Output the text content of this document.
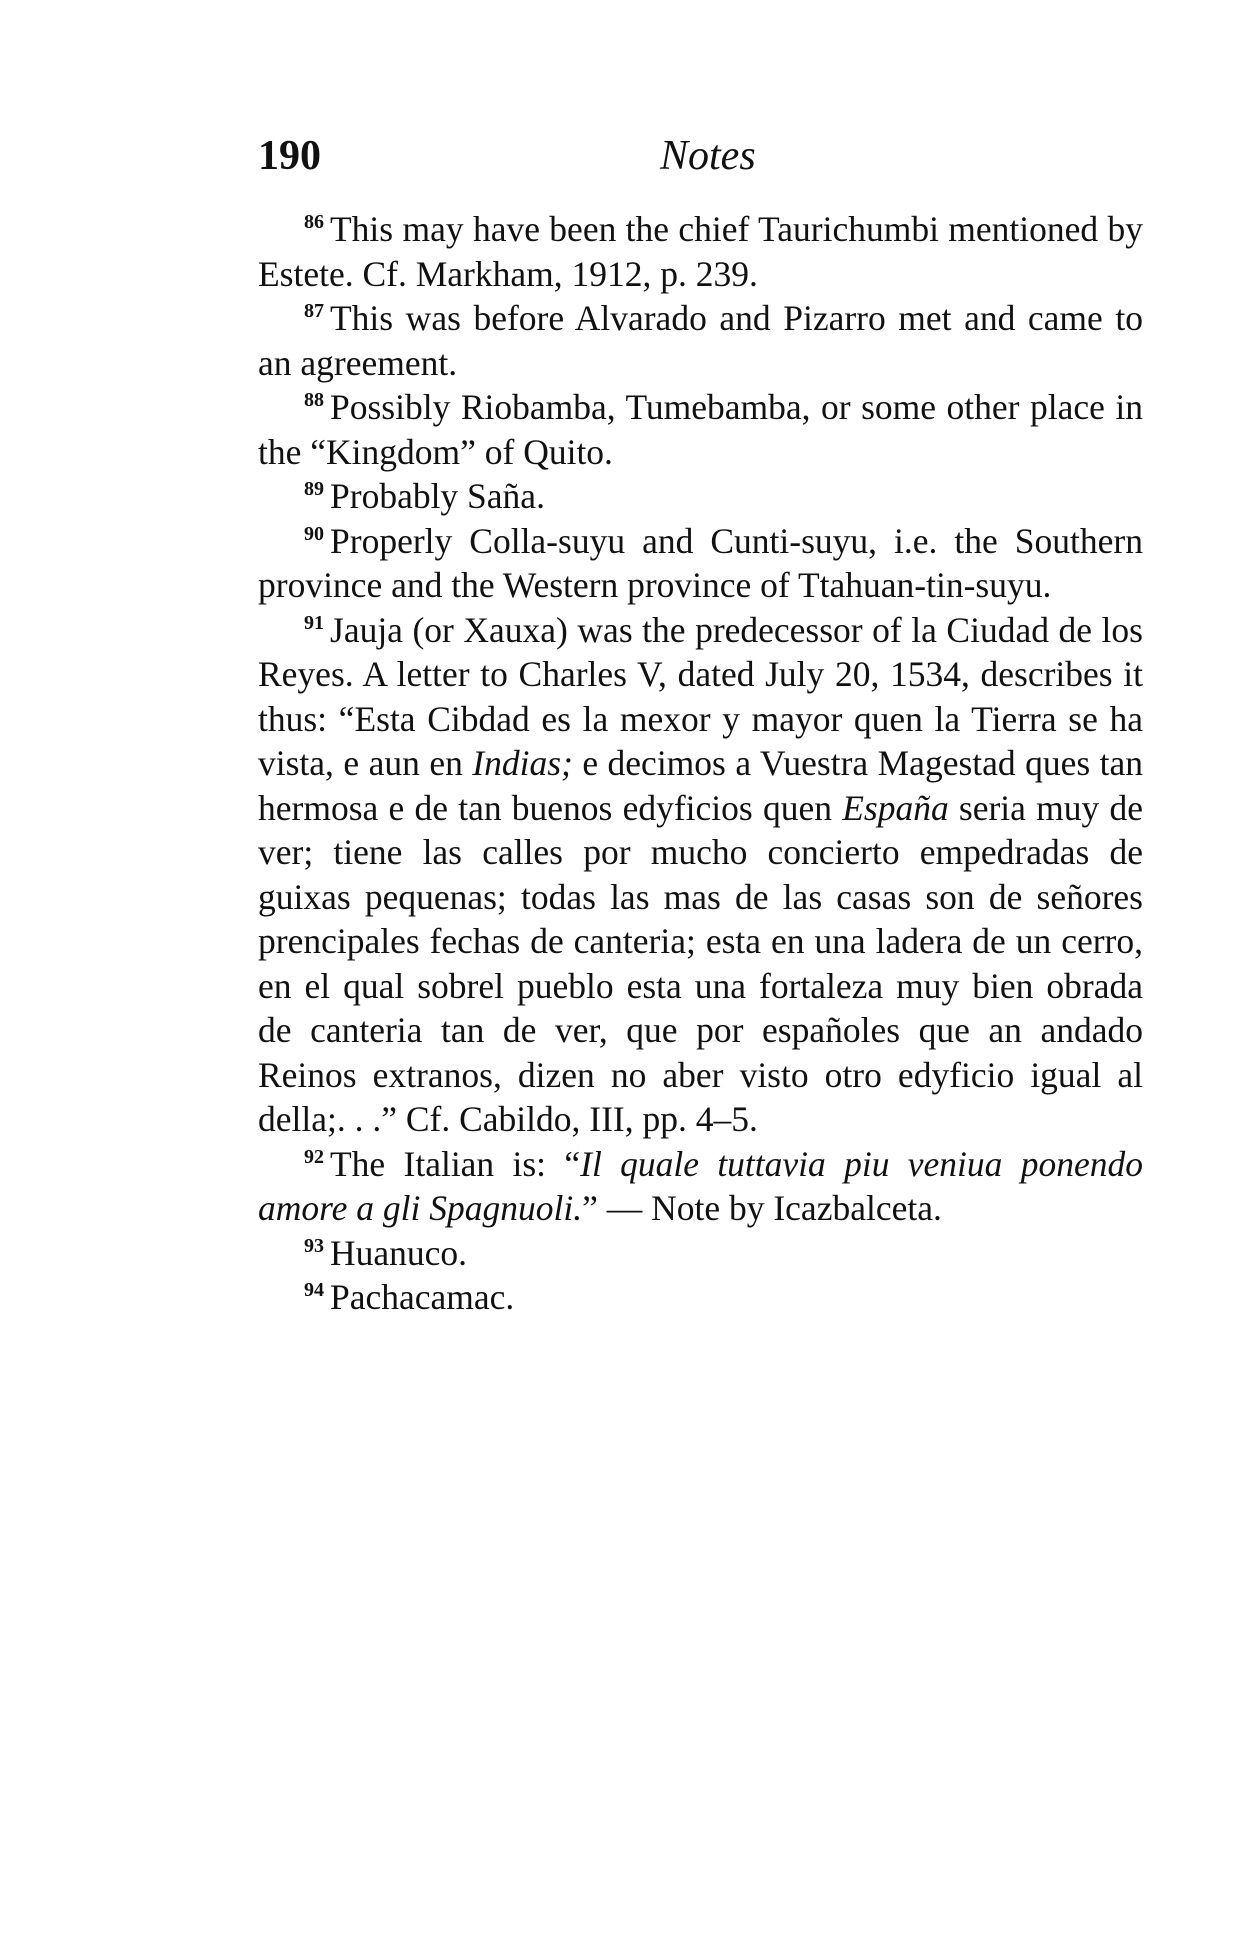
190	Notes

$^{86}$ This may have been the chief Taurichumbi mentioned by Estete. Cf. Markham, 1912, p. 239.

$^{87}$ This was before Alvarado and Pizarro met and came to an agreement.

$^{88}$ Possibly Riobamba, Tumebamba, or some other place in the “Kingdom” of Quito.

$^{89}$ Probably Saña.

$^{90}$ Properly Colla-suyu and Cunti-suyu, i.e. the Southern province and the Western province of Ttahuan-tin-suyu.

$^{91}$ Jauja (or Xauxa) was the predecessor of la Ciudad de los Reyes. A letter to Charles V, dated July 20, 1534, describes it thus: “Esta Cibdad es la mexor y mayor quen la Tierra se ha vista, e aun en Indias; e decimos a Vuestra Magestad ques tan hermosa e de tan buenos edyficios quen España seria muy de ver; tiene las calles por mucho concierto empedradas de guixas pequenas; todas las mas de las casas son de señores prencipales fechas de canteria; esta en una ladera de un cerro, en el qual sobrel pueblo esta una fortaleza muy bien obrada de canteria tan de ver, que por españoles que an andado Reinos extranos, dizen no aber visto otro edyficio igual al della;. . .” Cf. Cabildo, III, pp. 4–5.

$^{92}$ The Italian is: “Il quale tuttavia piu veniua ponendo amore a gli Spagnuoli.” — Note by Icazbalceta.

$^{93}$ Huanuco.

$^{94}$ Pachacamac.
